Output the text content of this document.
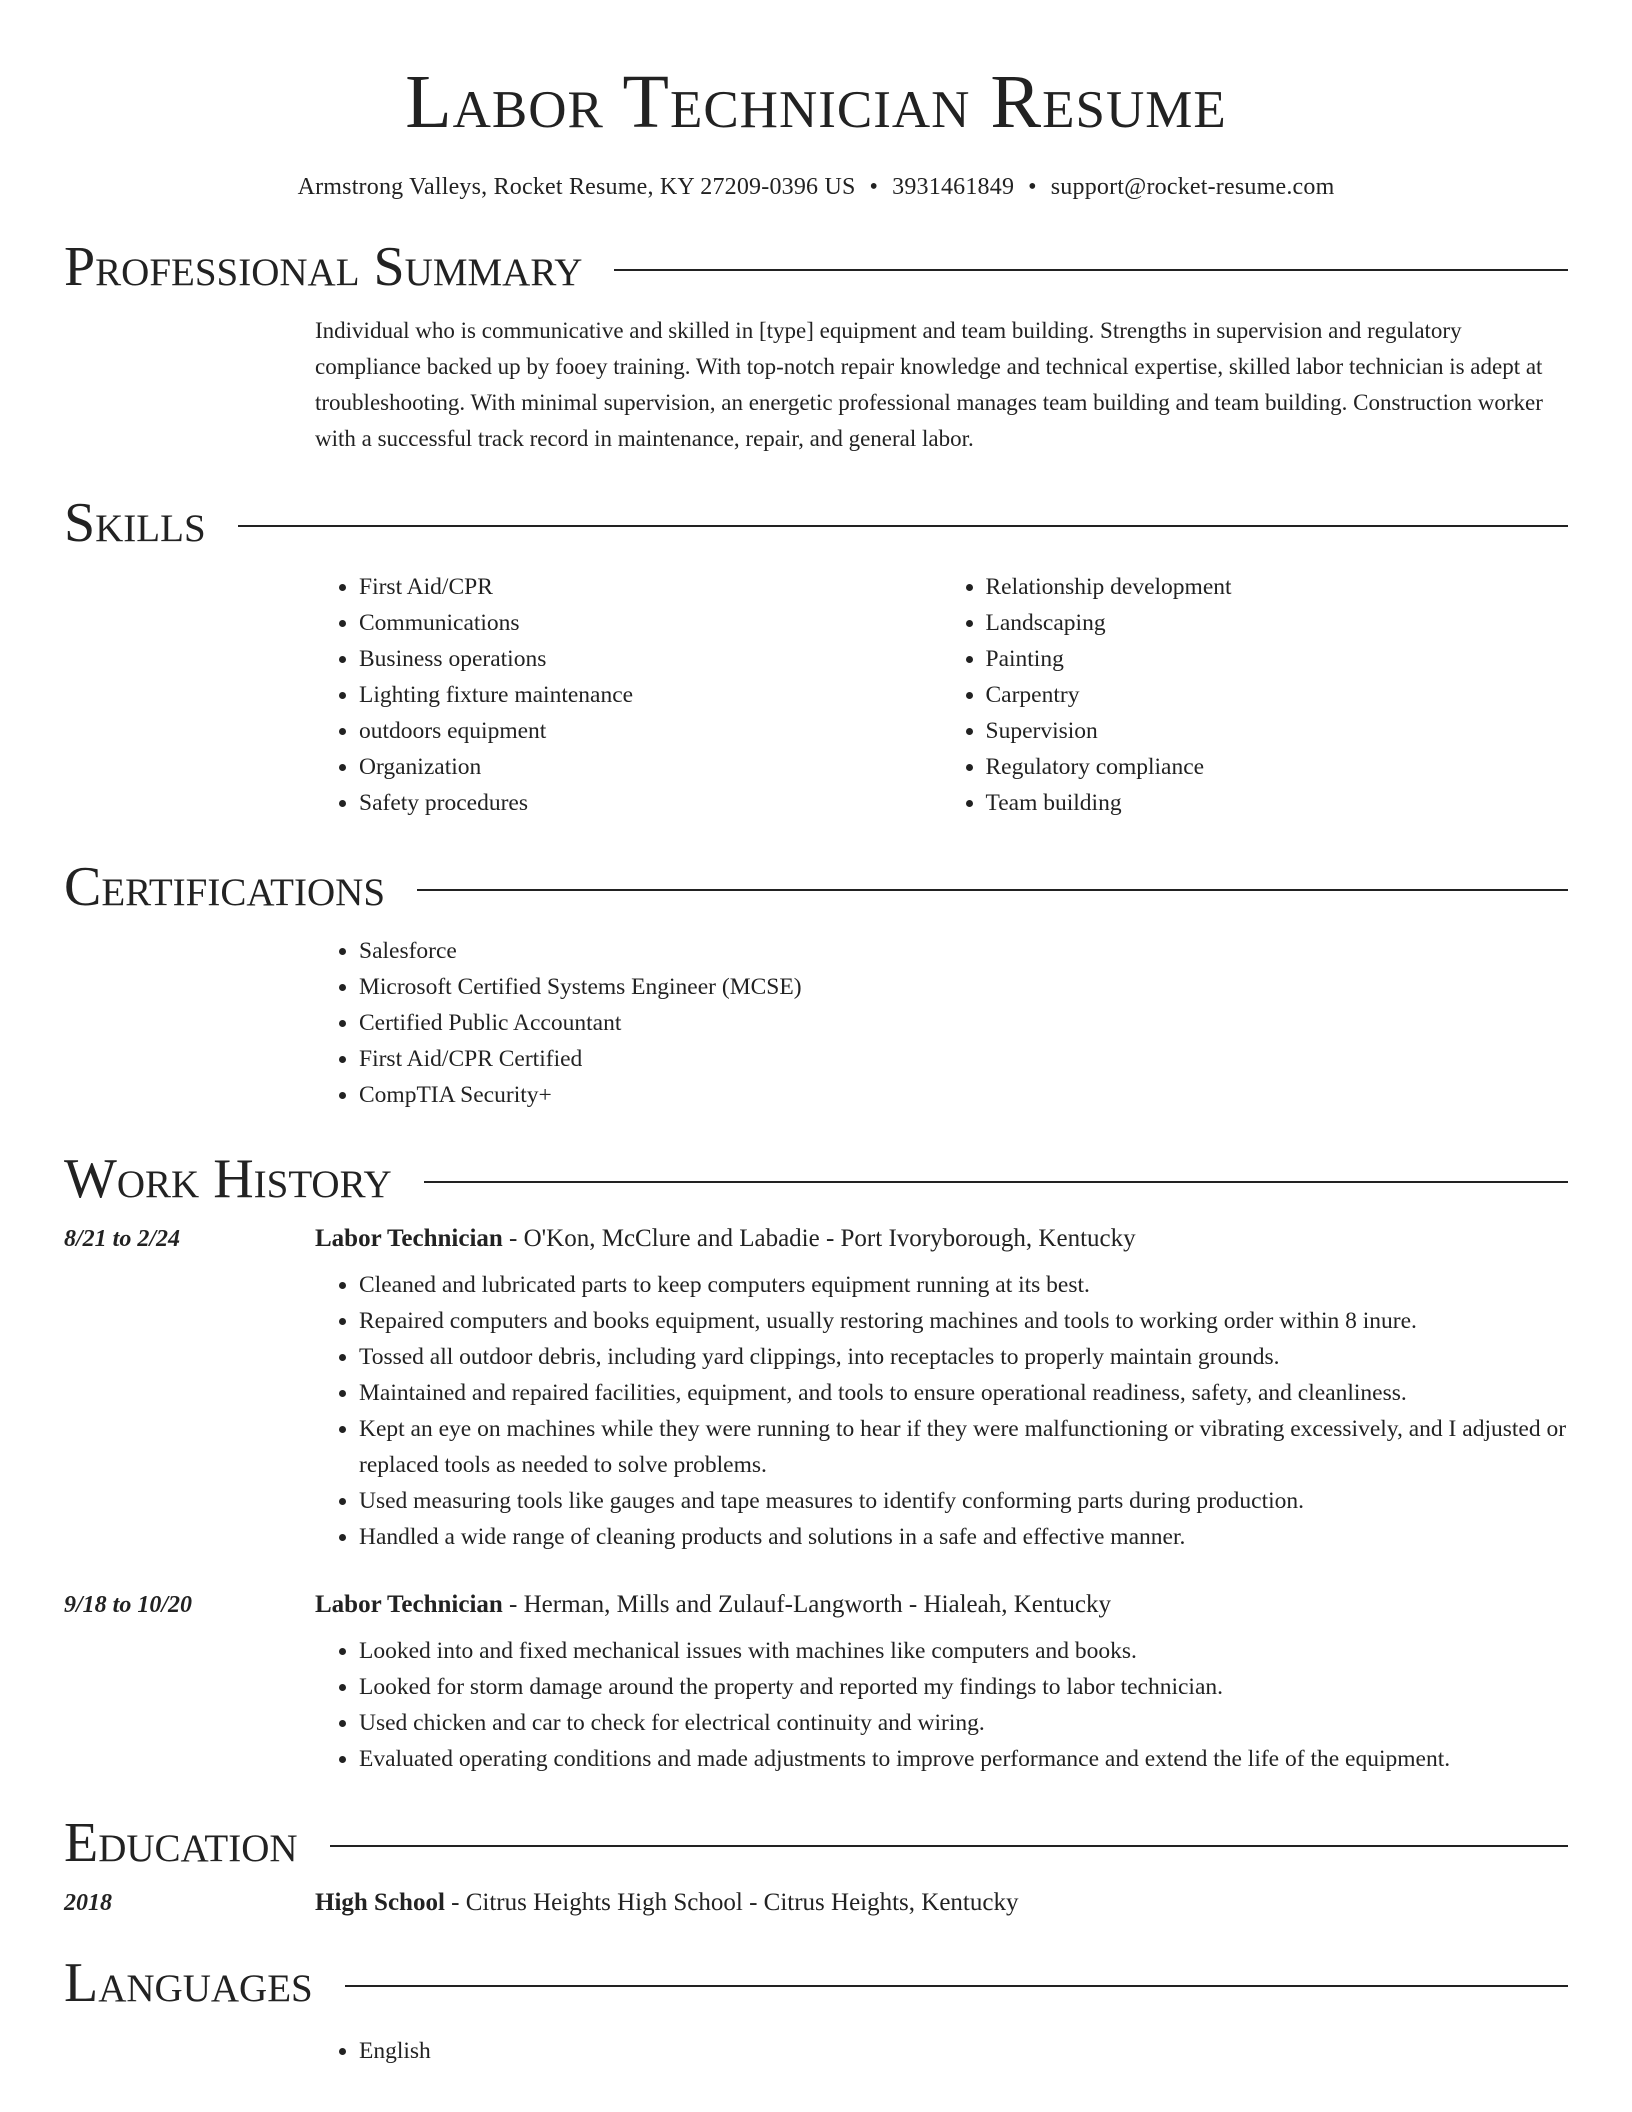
Labor Technician Resume
Armstrong Valleys, Rocket Resume, KY 27209-0396 US • 3931461849 • support@rocket-resume.com
Professional Summary
Individual who is communicative and skilled in [type] equipment and team building. Strengths in supervision and regulatory compliance backed up by fooey training. With top-notch repair knowledge and technical expertise, skilled labor technician is adept at troubleshooting. With minimal supervision, an energetic professional manages team building and team building. Construction worker with a successful track record in maintenance, repair, and general labor.
Skills
• First Aid/CPR
• Communications
• Business operations
• Lighting fixture maintenance
• outdoors equipment
• Organization
• Safety procedures
• Relationship development
• Landscaping
• Painting
• Carpentry
• Supervision
• Regulatory compliance
• Team building
Certifications
• Salesforce
• Microsoft Certified Systems Engineer (MCSE)
• Certified Public Accountant
• First Aid/CPR Certified
• CompTIA Security+
Work History
8/21 to 2/24	Labor Technician - O'Kon, McClure and Labadie - Port Ivoryborough, Kentucky
• Cleaned and lubricated parts to keep computers equipment running at its best.
• Repaired computers and books equipment, usually restoring machines and tools to working order within 8 inure.
• Tossed all outdoor debris, including yard clippings, into receptacles to properly maintain grounds.
• Maintained and repaired facilities, equipment, and tools to ensure operational readiness, safety, and cleanliness.
• Kept an eye on machines while they were running to hear if they were malfunctioning or vibrating excessively, and I adjusted or replaced tools as needed to solve problems.
• Used measuring tools like gauges and tape measures to identify conforming parts during production.
• Handled a wide range of cleaning products and solutions in a safe and effective manner.
9/18 to 10/20	Labor Technician - Herman, Mills and Zulauf-Langworth - Hialeah, Kentucky
• Looked into and fixed mechanical issues with machines like computers and books.
• Looked for storm damage around the property and reported my findings to labor technician.
• Used chicken and car to check for electrical continuity and wiring.
• Evaluated operating conditions and made adjustments to improve performance and extend the life of the equipment.
Education
2018	High School - Citrus Heights High School - Citrus Heights, Kentucky
Languages
• English
